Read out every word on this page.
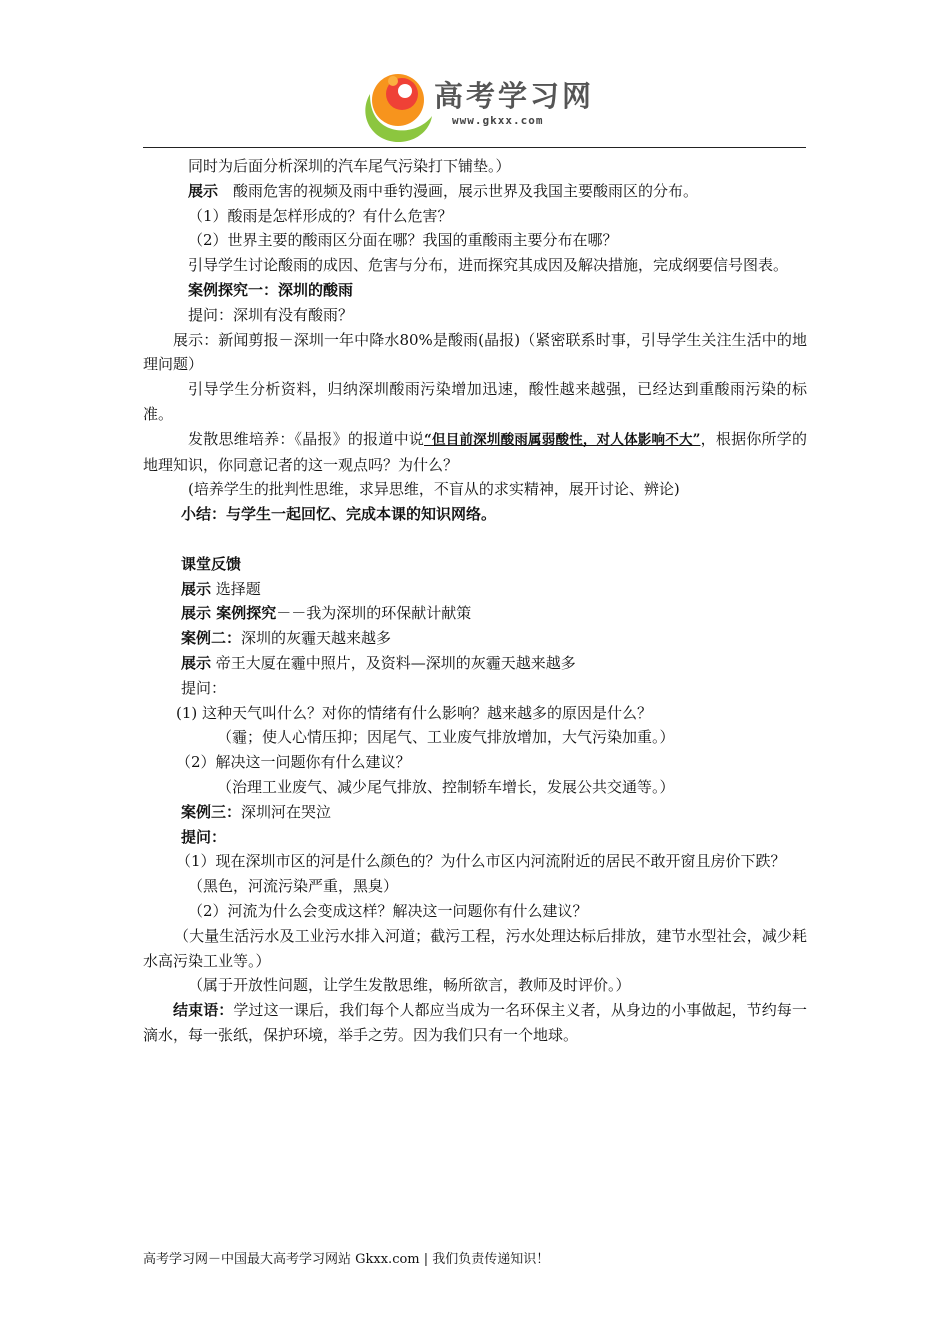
高考学习网
www.gkxx.com

同时为后面分析深圳的汽车尾气污染打下铺垫。）

展示　酸雨危害的视频及雨中垂钓漫画，展示世界及我国主要酸雨区的分布。

（1）酸雨是怎样形成的？有什么危害？

（2）世界主要的酸雨区分面在哪？我国的重酸雨主要分布在哪？

引导学生讨论酸雨的成因、危害与分布，进而探究其成因及解决措施，完成纲要信号图表。

案例探究一：深圳的酸雨

提问：深圳有没有酸雨？

展示：新闻剪报－深圳一年中降水80%是酸雨(晶报)（紧密联系时事，引导学生关注生活中的地理问题）

引导学生分析资料，归纳深圳酸雨污染增加迅速，酸性越来越强，已经达到重酸雨污染的标准。

发散思维培养：《晶报》的报道中说“但目前深圳酸雨属弱酸性，对人体影响不大”，根据你所学的地理知识，你同意记者的这一观点吗？为什么？

(培养学生的批判性思维，求异思维，不盲从的求实精神，展开讨论、辨论)

小结：与学生一起回忆、完成本课的知识网络。

课堂反馈

展示 选择题

展示 案例探究－－我为深圳的环保献计献策

案例二：深圳的灰霾天越来越多

展示 帝王大厦在霾中照片，及资料—深圳的灰霾天越来越多

提问：

(1) 这种天气叫什么？对你的情绪有什么影响？越来越多的原因是什么？

（霾；使人心情压抑；因尾气、工业废气排放增加，大气污染加重。）

（2）解决这一问题你有什么建议？

（治理工业废气、减少尾气排放、控制轿车增长，发展公共交通等。）

案例三：深圳河在哭泣

提问：

（1）现在深圳市区的河是什么颜色的？为什么市区内河流附近的居民不敢开窗且房价下跌？

（黑色，河流污染严重，黑臭）

（2）河流为什么会变成这样？解决这一问题你有什么建议？

（大量生活污水及工业污水排入河道；截污工程，污水处理达标后排放，建节水型社会，减少耗水高污染工业等。）

（属于开放性问题，让学生发散思维，畅所欲言，教师及时评价。）

结束语：学过这一课后，我们每个人都应当成为一名环保主义者，从身边的小事做起，节约每一滴水，每一张纸，保护环境，举手之劳。因为我们只有一个地球。

高考学习网－中国最大高考学习网站 Gkxx.com | 我们负责传递知识！
